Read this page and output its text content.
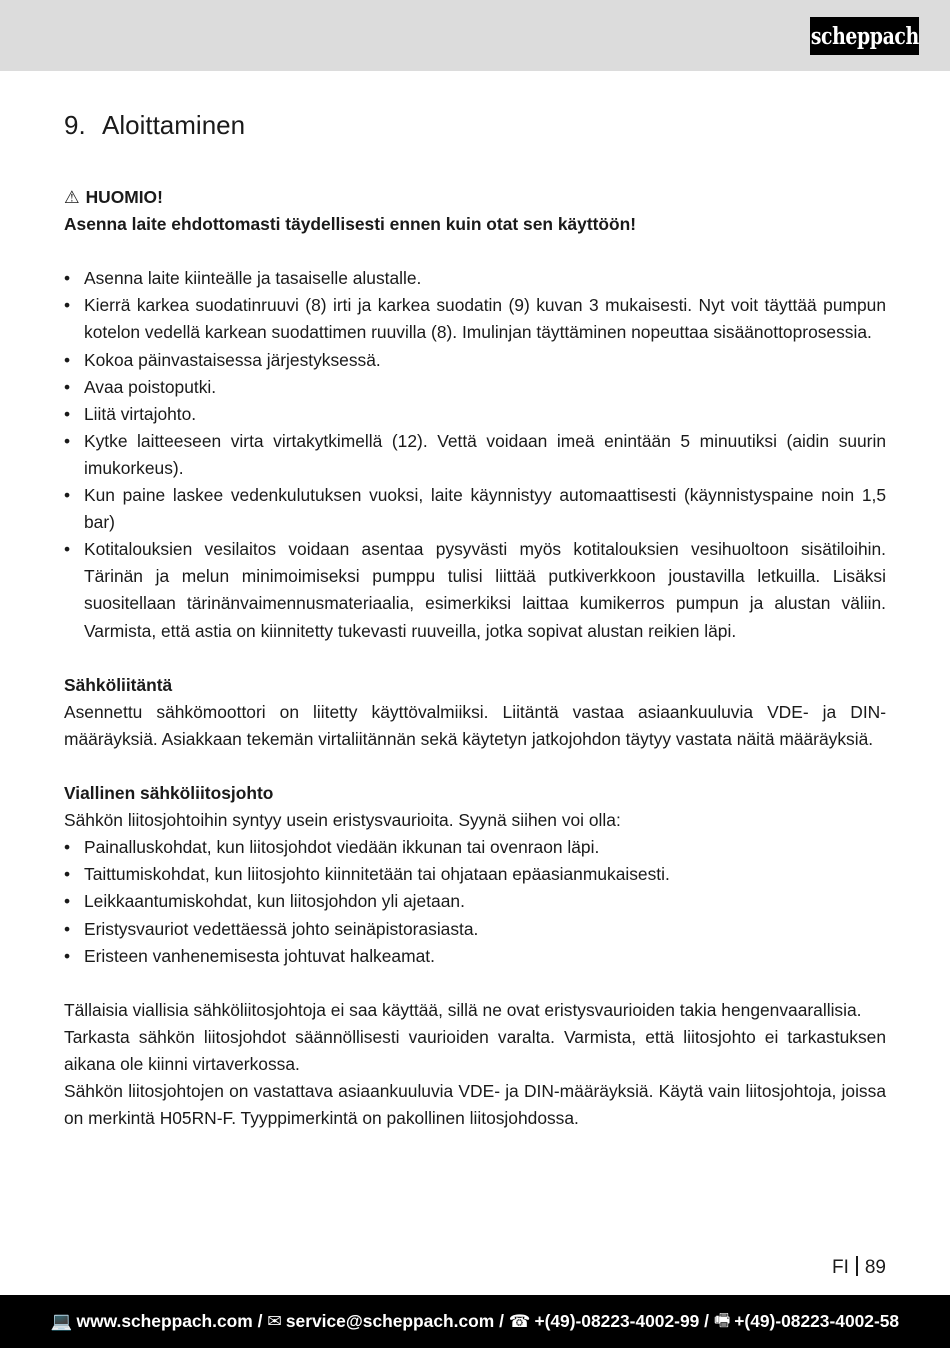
scheppach
9. Aloittaminen

⚠ HUOMIO!

Asenna laite ehdottomasti täydellisesti ennen kuin otat sen käyttöön!

• Asenna laite kiinteälle ja tasaiselle alustalle.
• Kierrä karkea suodatinruuvi (8) irti ja karkea suodatin (9) kuvan 3 mukaisesti. Nyt voit täyttää pumpun kotelon vedellä karkean suodattimen ruuvilla (8). Imulinjan täyttäminen nopeuttaa sisäänottoprosessia.
• Kokoa päinvastaisessa järjestyksessä.
• Avaa poistoputki.
• Liitä virtajohto.
• Kytke laitteeseen virta virtakytkimellä (12). Vettä voidaan imeä enintään 5 minuutiksi (aidin suurin imukorkeus).
• Kun paine laskee vedenkulutuksen vuoksi, laite käynnistyy automaattisesti (käynnistyspaine noin 1,5 bar)
• Kotitalouksien vesilaitos voidaan asentaa pysyvästi myös kotitalouksien vesihuoltoon sisätiloihin. Tärinän ja melun minimoimiseksi pumppu tulisi liittää putkiverkkoon joustavilla letkuilla. Lisäksi suositellaan tärinänvaimennusmateriaalia, esimerkiksi laittaa kumikerros pumpun ja alustan väliin. Varmista, että astia on kiinnitetty tukevasti ruuveilla, jotka sopivat alustan reikien läpi.

Sähköliitäntä

Asennettu sähkömoottori on liitetty käyttövalmiiksi. Liitäntä vastaa asiaankuuluvia VDE- ja DIN-määräyksiä. Asiakkaan tekemän virtaliitännän sekä käytetyn jatkojohdon täytyy vastata näitä määräyksiä.

Viallinen sähköliitosjohto

Sähkön liitosjohtoihin syntyy usein eristysvaurioita. Syynä siihen voi olla:

• Painalluskohdat, kun liitosjohdot viedään ikkunan tai ovenraon läpi.
• Taittumiskohdat, kun liitosjohto kiinnitetään tai ohjataan epäasianmukaisesti.
• Leikkaantumiskohdat, kun liitosjohdon yli ajetaan.
• Eristysvauriot vedettäessä johto seinäpistorasiasta.
• Eristeen vanhenemisesta johtuvat halkeamat.

Tällaisia viallisia sähköliitosjohtoja ei saa käyttää, sillä ne ovat eristysvaurioiden takia hengenvaarallisia.

Tarkasta sähkön liitosjohdot säännöllisesti vaurioiden varalta. Varmista, että liitosjohto ei tarkastuksen aikana ole kiinni virtaverkossa.

Sähkön liitosjohtojen on vastattava asiaankuuluvia VDE- ja DIN-määräyksiä. Käytä vain liitosjohtoja, joissa on merkintä H05RN-F. Tyyppimerkintä on pakollinen liitosjohdossa.

FI 89
💻 www.scheppach.com
/
✉ service@scheppach.com
/
☎ +(49)-08223-4002-99
/
🖷 +(49)-08223-4002-58
